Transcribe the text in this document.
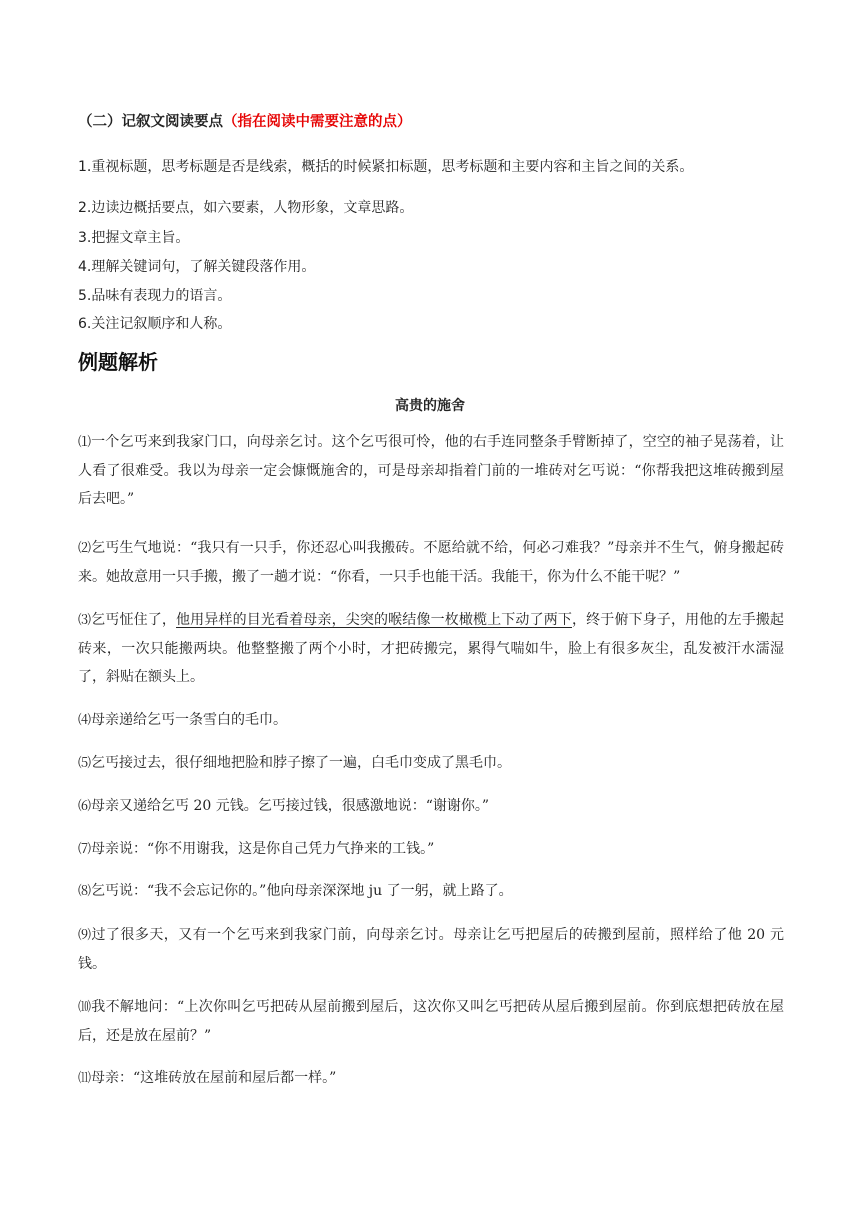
（二）记叙文阅读要点（指在阅读中需要注意的点）
1.重视标题，思考标题是否是线索，概括的时候紧扣标题，思考标题和主要内容和主旨之间的关系。
2.边读边概括要点，如六要素，人物形象，文章思路。
3.把握文章主旨。
4.理解关键词句，了解关键段落作用。
5.品味有表现力的语言。
6.关注记叙顺序和人称。
例题解析
高贵的施舍
⑴一个乞丐来到我家门口，向母亲乞讨。这个乞丐很可怜，他的右手连同整条手臂断掉了，空空的袖子晃荡着，让人看了很难受。我以为母亲一定会慷慨施舍的，可是母亲却指着门前的一堆砖对乞丐说：“你帮我把这堆砖搬到屋后去吧。”
⑵乞丐生气地说：“我只有一只手，你还忍心叫我搬砖。不愿给就不给，何必刁难我？”母亲并不生气，俯身搬起砖来。她故意用一只手搬，搬了一趟才说：“你看，一只手也能干活。我能干，你为什么不能干呢？”
⑶乞丐怔住了，他用异样的目光看着母亲，尖突的喉结像一枚橄榄上下动了两下，终于俯下身子，用他的左手搬起砖来，一次只能搬两块。他整整搬了两个小时，才把砖搬完，累得气喘如牛，脸上有很多灰尘，乱发被汗水濡湿了，斜贴在额头上。
⑷母亲递给乞丐一条雪白的毛巾。
⑸乞丐接过去，很仔细地把脸和脖子擦了一遍，白毛巾变成了黑毛巾。
⑹母亲又递给乞丐 20 元钱。乞丐接过钱，很感激地说：“谢谢你。”
⑺母亲说：“你不用谢我，这是你自己凭力气挣来的工钱。”
⑻乞丐说：“我不会忘记你的。”他向母亲深深地 ju 了一躬，就上路了。
⑼过了很多天，又有一个乞丐来到我家门前，向母亲乞讨。母亲让乞丐把屋后的砖搬到屋前，照样给了他 20 元钱。
⑽我不解地问：“上次你叫乞丐把砖从屋前搬到屋后，这次你又叫乞丐把砖从屋后搬到屋前。你到底想把砖放在屋后，还是放在屋前？”
⑾母亲：“这堆砖放在屋前和屋后都一样。”
